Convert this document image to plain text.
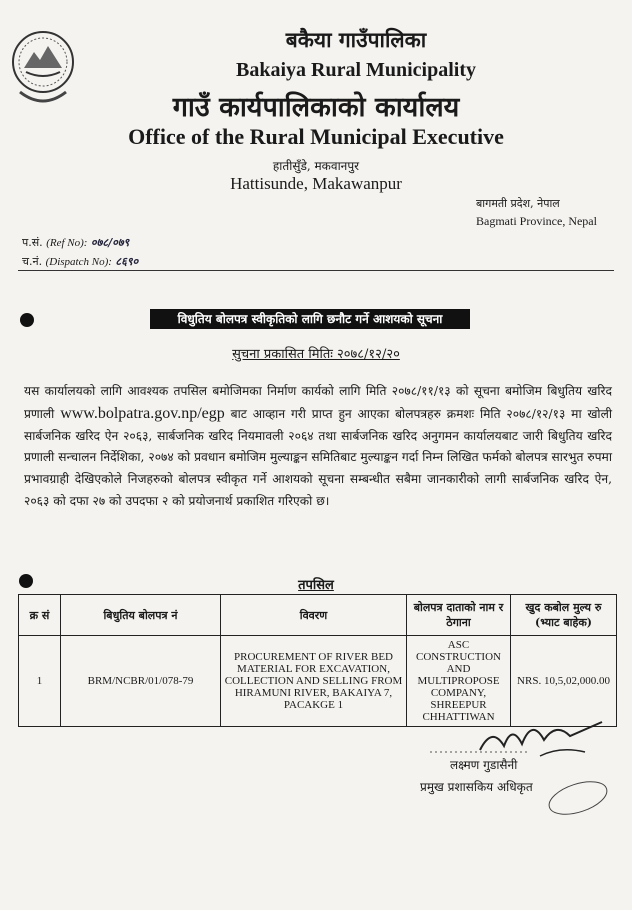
बकैया गाउँपालिका
Bakaiya Rural Municipality
गाउँ कार्यपालिकाको कार्यालय
Office of the Rural Municipal Executive
हातीसुँडे, मकवानपुर
Hattisunde, Makawanpur
बागमती प्रदेश, नेपाल
Bagmati Province, Nepal
प.सं. (Ref No): ०७८/०७९
च.नं. (Dispatch No): ८६९०
विधुतिय बोलपत्र स्वीकृतिको लागि छनौट गर्ने आशयको सूचना
सुचना प्रकासित मितिः २०७८/१२/२०
यस कार्यालयको लागि आवश्यक तपसिल बमोजिमका निर्माण कार्यको लागि मिति २०७८/११/१३ को सूचना बमोजिम बिधुतिय खरिद प्रणाली www.bolpatra.gov.np/egp बाट आव्हान गरी प्राप्त हुन आएका बोलपत्रहरु क्रमशः मिति २०७८/१२/१३ मा खोली सार्बजनिक खरिद ऐन २०६३, सार्बजनिक खरिद नियमावली २०६४ तथा सार्बजनिक खरिद अनुगमन कार्यालयबाट जारी बिधुतिय खरिद प्रणाली सन्चालन निर्देशिका, २०७४ को प्रवधान बमोजिम मुल्याङ्कन समितिबाट मुल्याङ्कन गर्दा निम्न लिखित फर्मको बोलपत्र सारभुत रुपमा प्रभावग्राही देखिएकोले निजहरुको बोलपत्र स्वीकृत गर्ने आशयको सूचना सम्बन्धीत सबैमा जानकारीको लागी सार्बजनिक खरिद ऐन, २०६३ को दफा २७ को उपदफा २ को प्रयोजनार्थ प्रकाशित गरिएको छ।
तपसिल
क्र सं	बिधुतिय बोलपत्र नं	विवरण	बोलपत्र दाताको नाम र ठेगाना	खुद कबोल मुल्य रु (भ्याट बाहेक)
1	BRM/NCBR/01/078-79	PROCUREMENT OF RIVER BED MATERIAL FOR EXCAVATION, COLLECTION AND SELLING FROM HIRAMUNI RIVER, BAKAIYA 7, PACAKGE 1	ASC CONSTRUCTION AND MULTIPROPOSE COMPANY, SHREEPUR CHHATTIWAN	NRS. 10,5,02,000.00
लक्ष्मण गुडासैनी
प्रमुख प्रशासकिय अधिकृत
